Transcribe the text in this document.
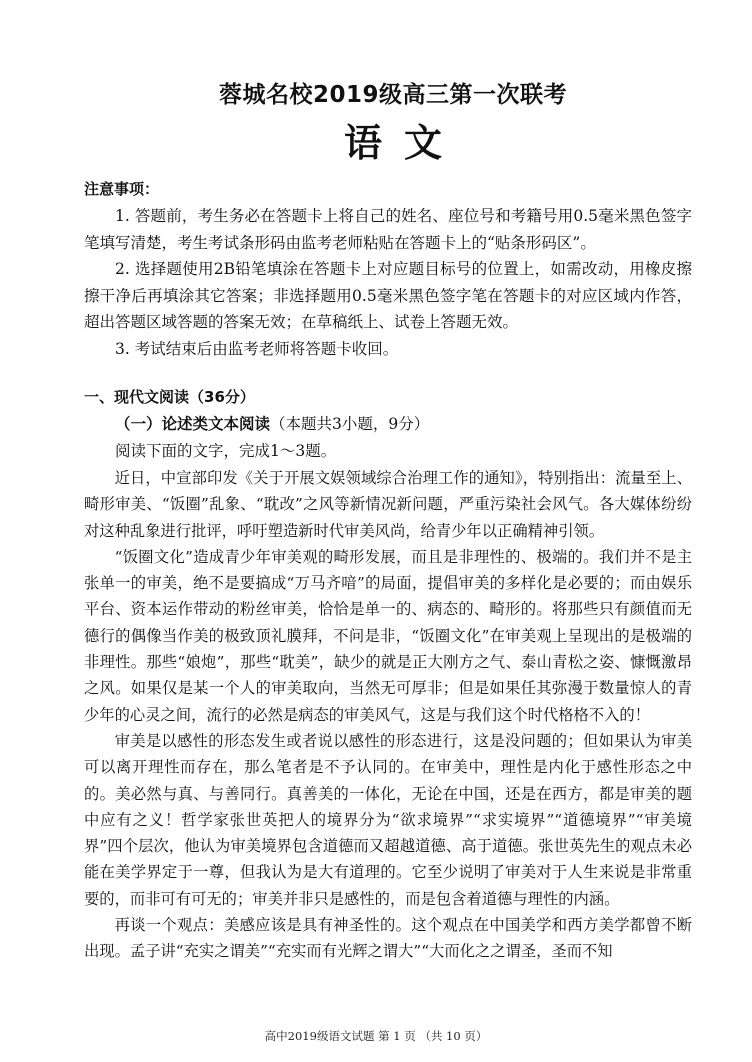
蓉城名校2019级高三第一次联考
语文

注意事项：

1. 答题前，考生务必在答题卡上将自己的姓名、座位号和考籍号用0.5毫米黑色签字笔填写清楚，考生考试条形码由监考老师粘贴在答题卡上的“贴条形码区”。

2. 选择题使用2B铅笔填涂在答题卡上对应题目标号的位置上，如需改动，用橡皮擦擦干净后再填涂其它答案；非选择题用0.5毫米黑色签字笔在答题卡的对应区域内作答，超出答题区域答题的答案无效；在草稿纸上、试卷上答题无效。

3. 考试结束后由监考老师将答题卡收回。

一、现代文阅读（36分）

（一）论述类文本阅读（本题共3小题，9分）

阅读下面的文字，完成1～3题。

近日，中宣部印发《关于开展文娱领域综合治理工作的通知》，特别指出：流量至上、畸形审美、“饭圈”乱象、“耽改”之风等新情况新问题，严重污染社会风气。各大媒体纷纷对这种乱象进行批评，呼吁塑造新时代审美风尚，给青少年以正确精神引领。

“饭圈文化”造成青少年审美观的畸形发展，而且是非理性的、极端的。我们并不是主张单一的审美，绝不是要搞成“万马齐喑”的局面，提倡审美的多样化是必要的；而由娱乐平台、资本运作带动的粉丝审美，恰恰是单一的、病态的、畸形的。将那些只有颜值而无德行的偶像当作美的极致顶礼膜拜，不问是非，“饭圈文化”在审美观上呈现出的是极端的非理性。那些“娘炮”，那些“耽美”，缺少的就是正大刚方之气、泰山青松之姿、慷慨激昂之风。如果仅是某一个人的审美取向，当然无可厚非；但是如果任其弥漫于数量惊人的青少年的心灵之间，流行的必然是病态的审美风气，这是与我们这个时代格格不入的！

审美是以感性的形态发生或者说以感性的形态进行，这是没问题的；但如果认为审美可以离开理性而存在，那么笔者是不予认同的。在审美中，理性是内化于感性形态之中的。美必然与真、与善同行。真善美的一体化，无论在中国，还是在西方，都是审美的题中应有之义！哲学家张世英把人的境界分为“欲求境界”“求实境界”“道德境界”“审美境界”四个层次，他认为审美境界包含道德而又超越道德、高于道德。张世英先生的观点未必能在美学界定于一尊，但我认为是大有道理的。它至少说明了审美对于人生来说是非常重要的，而非可有可无的；审美并非只是感性的，而是包含着道德与理性的内涵。

再谈一个观点：美感应该是具有神圣性的。这个观点在中国美学和西方美学都曾不断出现。孟子讲“充实之谓美”“充实而有光辉之谓大”“大而化之之谓圣，圣而不知

高中2019级语文试题 第 1 页 （共 10 页）
